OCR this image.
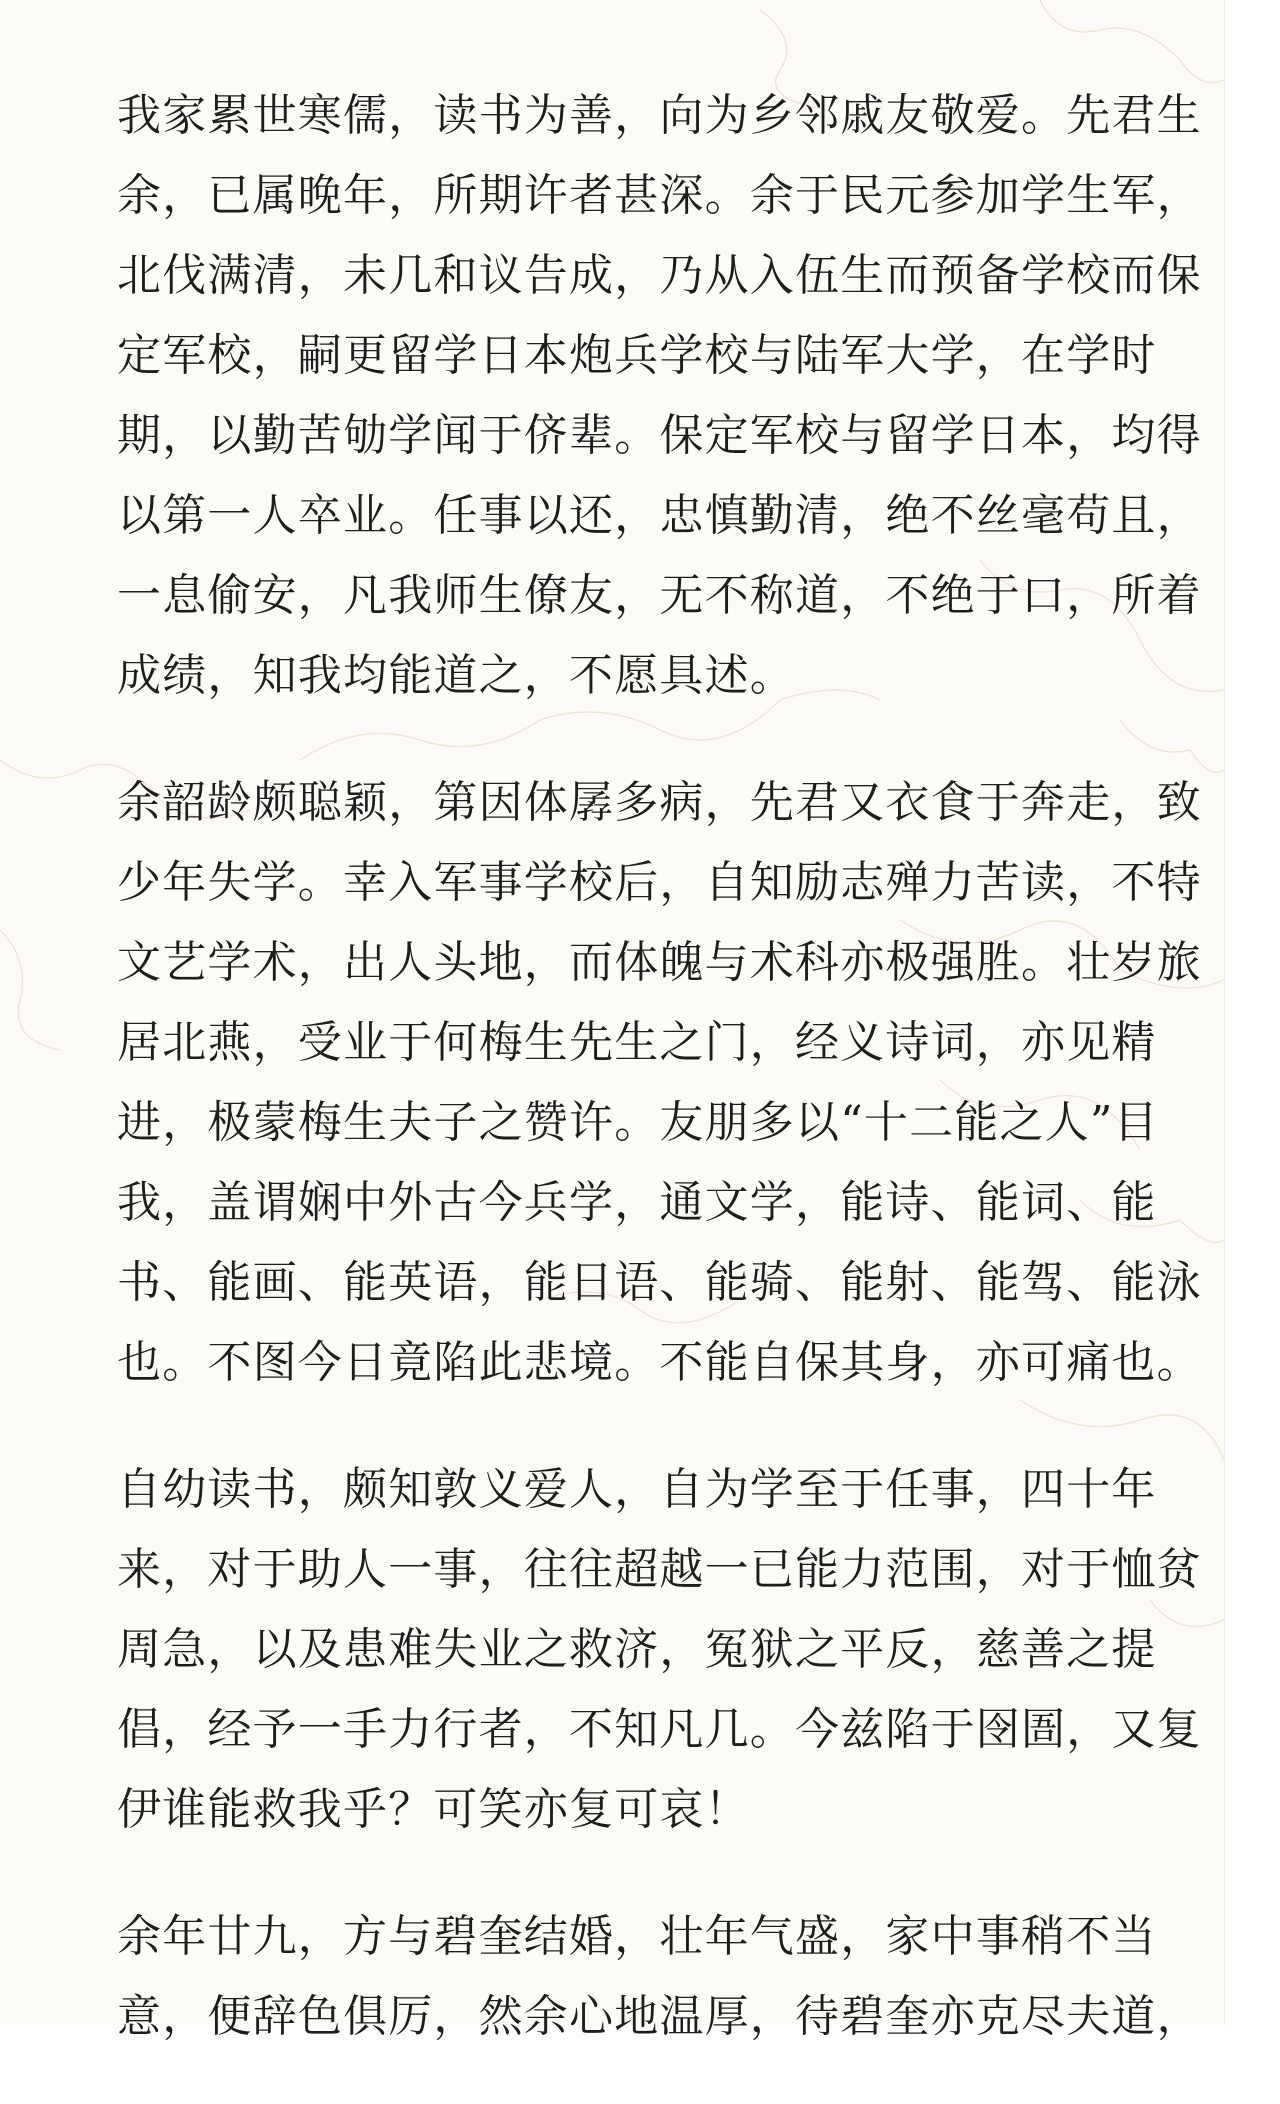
我家累世寒儒，读书为善，向为乡邻戚友敬爱。先君生
余，已属晚年，所期许者甚深。余于民元参加学生军，
北伐满清，未几和议告成，乃从入伍生而预备学校而保
定军校，嗣更留学日本炮兵学校与陆军大学，在学时
期，以勤苦劬学闻于侪辈。保定军校与留学日本，均得
以第一人卒业。任事以还，忠慎勤清，绝不丝毫苟且，
一息偷安，凡我师生僚友，无不称道，不绝于口，所着
成绩，知我均能道之，不愿具述。

余韶龄颇聪颖，第因体孱多病，先君又衣食于奔走，致
少年失学。幸入军事学校后，自知励志殚力苦读，不特
文艺学术，出人头地，而体魄与术科亦极强胜。壮岁旅
居北燕，受业于何梅生先生之门，经义诗词，亦见精
进，极蒙梅生夫子之赞许。友朋多以“十二能之人”目
我，盖谓娴中外古今兵学，通文学，能诗、能词、能
书、能画、能英语，能日语、能骑、能射、能驾、能泳
也。不图今日竟陷此悲境。不能自保其身，亦可痛也。

自幼读书，颇知敦义爱人，自为学至于任事，四十年
来，对于助人一事，往往超越一已能力范围，对于恤贫
周急，以及患难失业之救济，冤狱之平反，慈善之提
倡，经予一手力行者，不知凡几。今兹陷于囹圄，又复
伊谁能救我乎？可笑亦复可哀！

余年廿九，方与碧奎结婚，壮年气盛，家中事稍不当
意，便辞色俱厉，然余心地温厚，待碧奎亦克尽夫道，
